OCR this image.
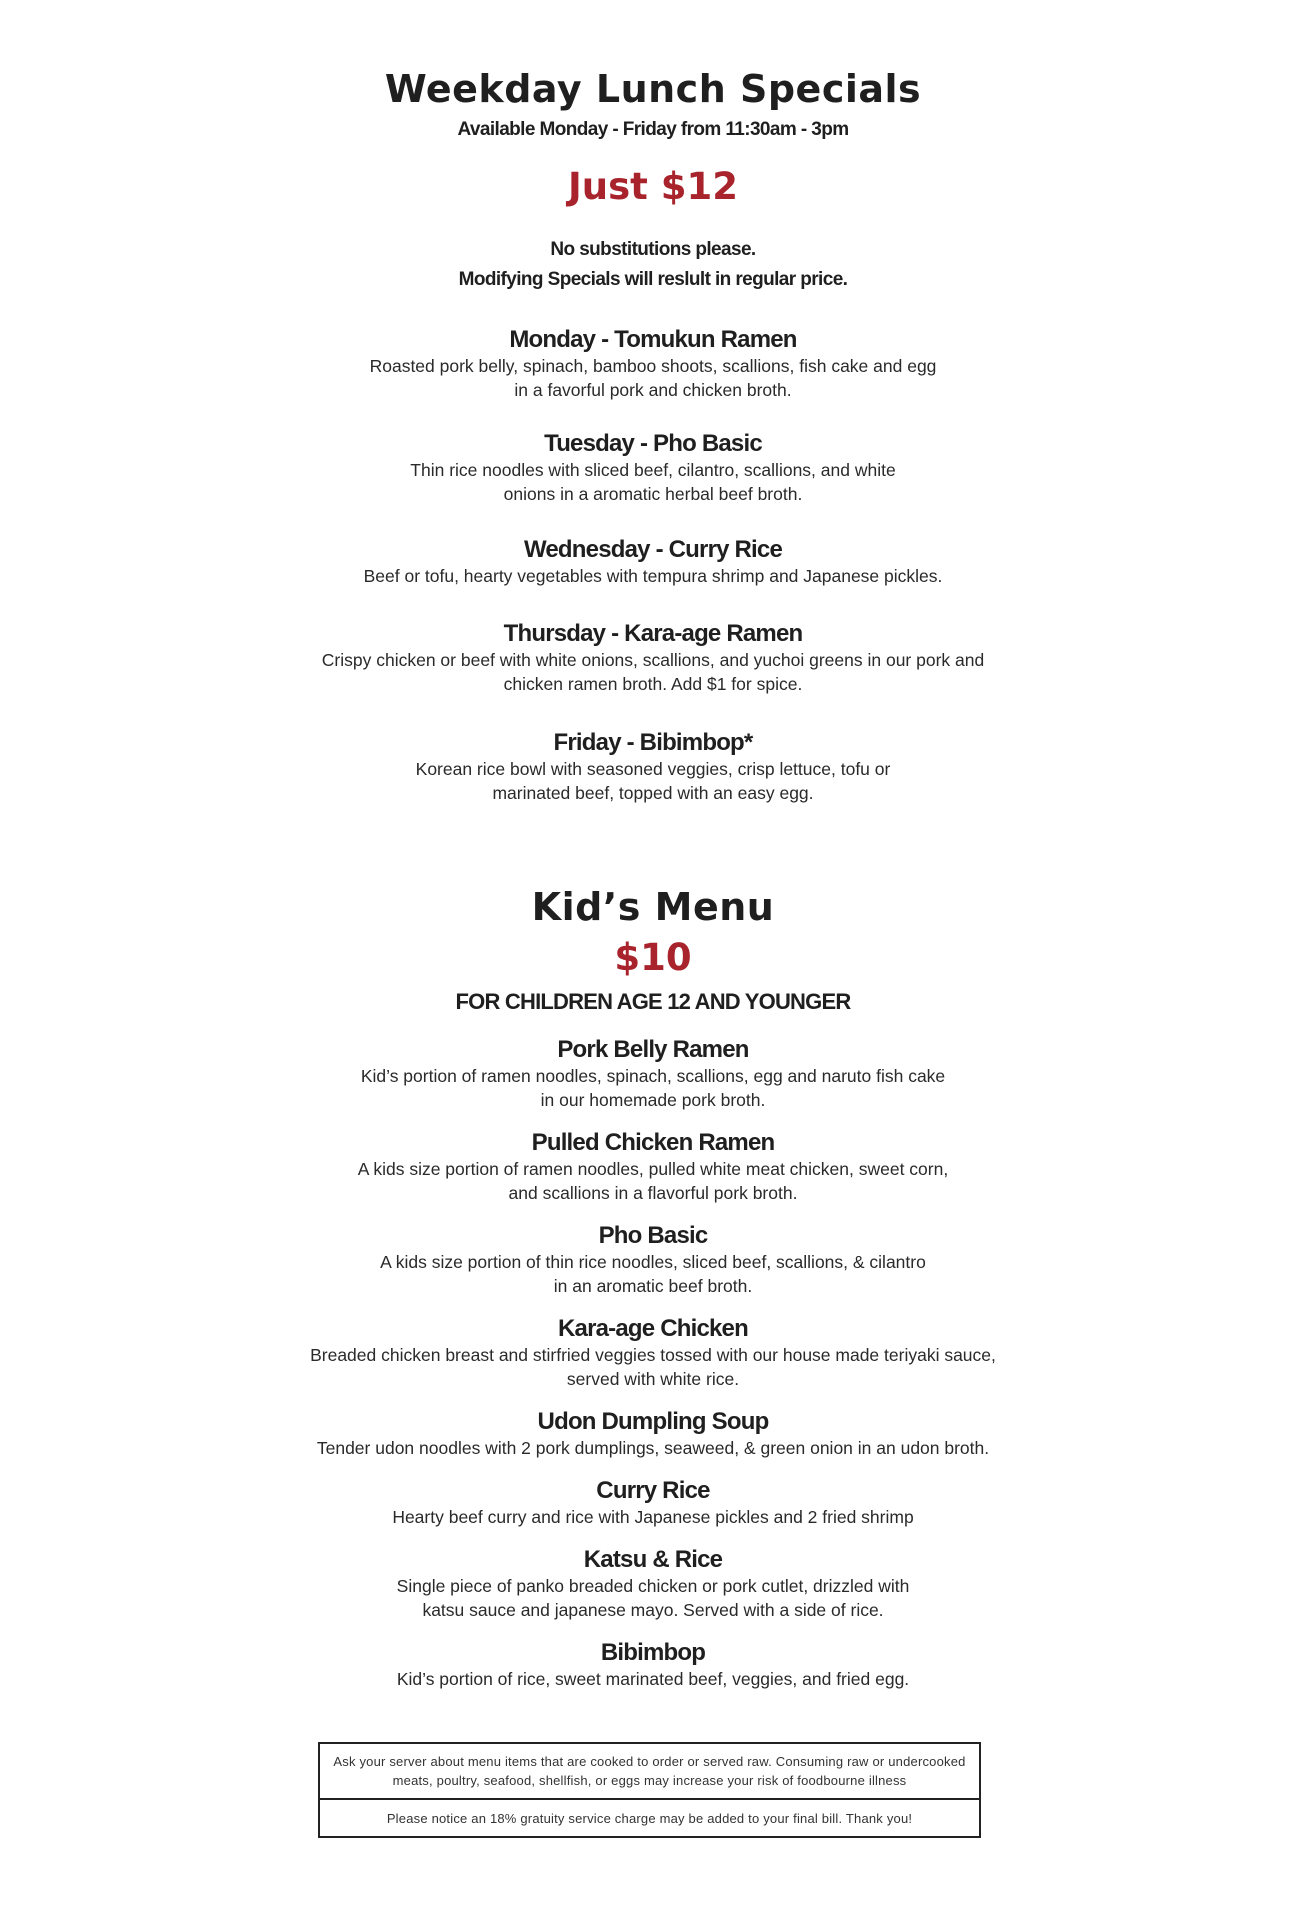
Weekday Lunch Specials
Available Monday - Friday from 11:30am - 3pm
Just $12
No substitutions please.
Modifying Specials will reslult in regular price.
Monday - Tomukun Ramen
Roasted pork belly, spinach, bamboo shoots, scallions, fish cake and egg
in a favorful pork and chicken broth.
Tuesday - Pho Basic
Thin rice noodles with sliced beef, cilantro, scallions, and white
onions in a aromatic herbal beef broth.
Wednesday - Curry Rice
Beef or tofu, hearty vegetables with tempura shrimp and Japanese pickles.
Thursday - Kara-age Ramen
Crispy chicken or beef with white onions, scallions, and yuchoi greens in our pork and
chicken ramen broth. Add $1 for spice.
Friday - Bibimbop*
Korean rice bowl with seasoned veggies, crisp lettuce, tofu or
marinated beef, topped with an easy egg.
Kid’s Menu
$10
FOR CHILDREN AGE 12 AND YOUNGER
Pork Belly Ramen
Kid’s portion of ramen noodles, spinach, scallions, egg and naruto fish cake
in our homemade pork broth.
Pulled Chicken Ramen
A kids size portion of ramen noodles, pulled white meat chicken, sweet corn,
and scallions in a flavorful pork broth.
Pho Basic
A kids size portion of thin rice noodles, sliced beef, scallions, & cilantro
in an aromatic beef broth.
Kara-age Chicken
Breaded chicken breast and stirfried veggies tossed with our house made teriyaki sauce,
served with white rice.
Udon Dumpling Soup
Tender udon noodles with 2 pork dumplings, seaweed, & green onion in an udon broth.
Curry Rice
Hearty beef curry and rice with Japanese pickles and 2 fried shrimp
Katsu & Rice
Single piece of panko breaded chicken or pork cutlet, drizzled with
katsu sauce and japanese mayo. Served with a side of rice.
Bibimbop
Kid’s portion of rice, sweet marinated beef, veggies, and fried egg.
Ask your server about menu items that are cooked to order or served raw. Consuming raw or undercooked
meats, poultry, seafood, shellfish, or eggs may increase your risk of foodbourne illness
Please notice an 18% gratuity service charge may be added to your final bill. Thank you!
